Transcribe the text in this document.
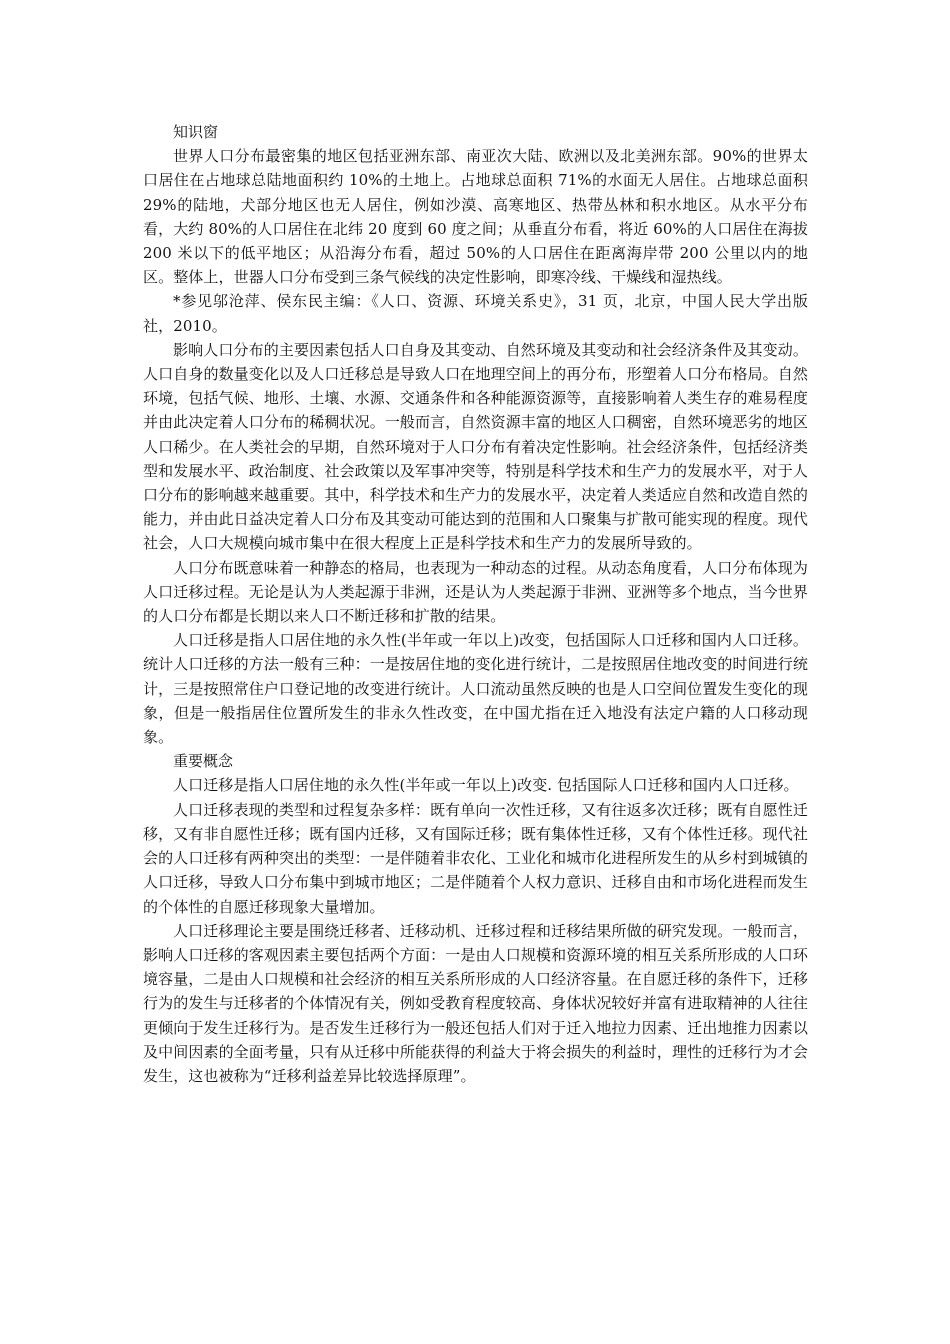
知识窗

世界人口分布最密集的地区包括亚洲东部、南亚次大陆、欧洲以及北美洲东部。90%的世界太口居住在占地球总陆地面积约 10%的土地上。占地球总面积 71%的水面无人居住。占地球总面积 29%的陆地，犬部分地区也无人居住，例如沙漠、高寒地区、热带丛林和积水地区。从水平分布看，大约 80%的人口居住在北纬 20 度到 60 度之间；从垂直分布看，将近 60%的人口居住在海拔 200 米以下的低平地区；从沿海分布看，超过 50%的人口居住在距离海岸带 200 公里以内的地区。整体上，世器人口分布受到三条气候线的决定性影响，即寒冷线、干燥线和湿热线。

*参见邬沧萍、侯东民主编：《人口、资源、环境关系史》，31 页，北京，中国人民大学出版社，2010。

影响人口分布的主要因素包括人口自身及其变动、自然环境及其变动和社会经济条件及其变动。人口自身的数量变化以及人口迁移总是导致人口在地理空间上的再分布，形塑着人口分布格局。自然环境，包括气候、地形、土壤、水源、交通条件和各种能源资源等，直接影响着人类生存的难易程度并由此决定着人口分布的稀稠状况。一般而言，自然资源丰富的地区人口稠密，自然环境恶劣的地区人口稀少。在人类社会的早期，自然环境对于人口分布有着决定性影响。社会经济条件，包括经济类型和发展水平、政治制度、社会政策以及军事冲突等，特别是科学技术和生产力的发展水平，对于人口分布的影响越来越重要。其中，科学技术和生产力的发展水平，决定着人类适应自然和改造自然的能力，并由此日益决定着人口分布及其变动可能达到的范围和人口聚集与扩散可能实现的程度。现代社会，人口大规模向城市集中在很大程度上正是科学技术和生产力的发展所导致的。

人口分布既意味着一种静态的格局，也表现为一种动态的过程。从动态角度看，人口分布体现为人口迁移过程。无论是认为人类起源于非洲，还是认为人类起源于非洲、亚洲等多个地点，当今世界的人口分布都是长期以来人口不断迁移和扩散的结果。

人口迁移是指人口居住地的永久性(半年或一年以上)改变，包括国际人口迁移和国内人口迁移。统计人口迁移的方法一般有三种：一是按居住地的变化进行统计，二是按照居住地改变的时间进行统计，三是按照常住户口登记地的改变进行统计。人口流动虽然反映的也是人口空间位置发生变化的现象，但是一般指居住位置所发生的非永久性改变，在中国尤指在迁入地没有法定户籍的人口移动现象。

重要概念

人口迁移是指人口居住地的永久性(半年或一年以上)改变. 包括国际人口迁移和国内人口迁移。

人口迁移表现的类型和过程复杂多样：既有单向一次性迁移，又有往返多次迁移；既有自愿性迁移，又有非自愿性迁移；既有国内迁移，又有国际迁移；既有集体性迁移，又有个体性迁移。现代社会的人口迁移有两种突出的类型：一是伴随着非农化、工业化和城市化进程所发生的从乡村到城镇的人口迁移，导致人口分布集中到城市地区；二是伴随着个人权力意识、迁移自由和市场化进程而发生的个体性的自愿迁移现象大量增加。

人口迁移理论主要是围绕迁移者、迁移动机、迁移过程和迁移结果所做的研究发现。一般而言，影响人口迁移的客观因素主要包括两个方面：一是由人口规模和资源环境的相互关系所形成的人口环境容量，二是由人口规模和社会经济的相互关系所形成的人口经济容量。在自愿迁移的条件下，迁移行为的发生与迁移者的个体情况有关，例如受教育程度较高、身体状况较好并富有进取精神的人往往更倾向于发生迁移行为。是否发生迁移行为一般还包括人们对于迁入地拉力因素、迁出地推力因素以及中间因素的全面考量，只有从迁移中所能获得的利益大于将会损失的利益时，理性的迁移行为才会发生，这也被称为“迁移利益差异比较选择原理”。
